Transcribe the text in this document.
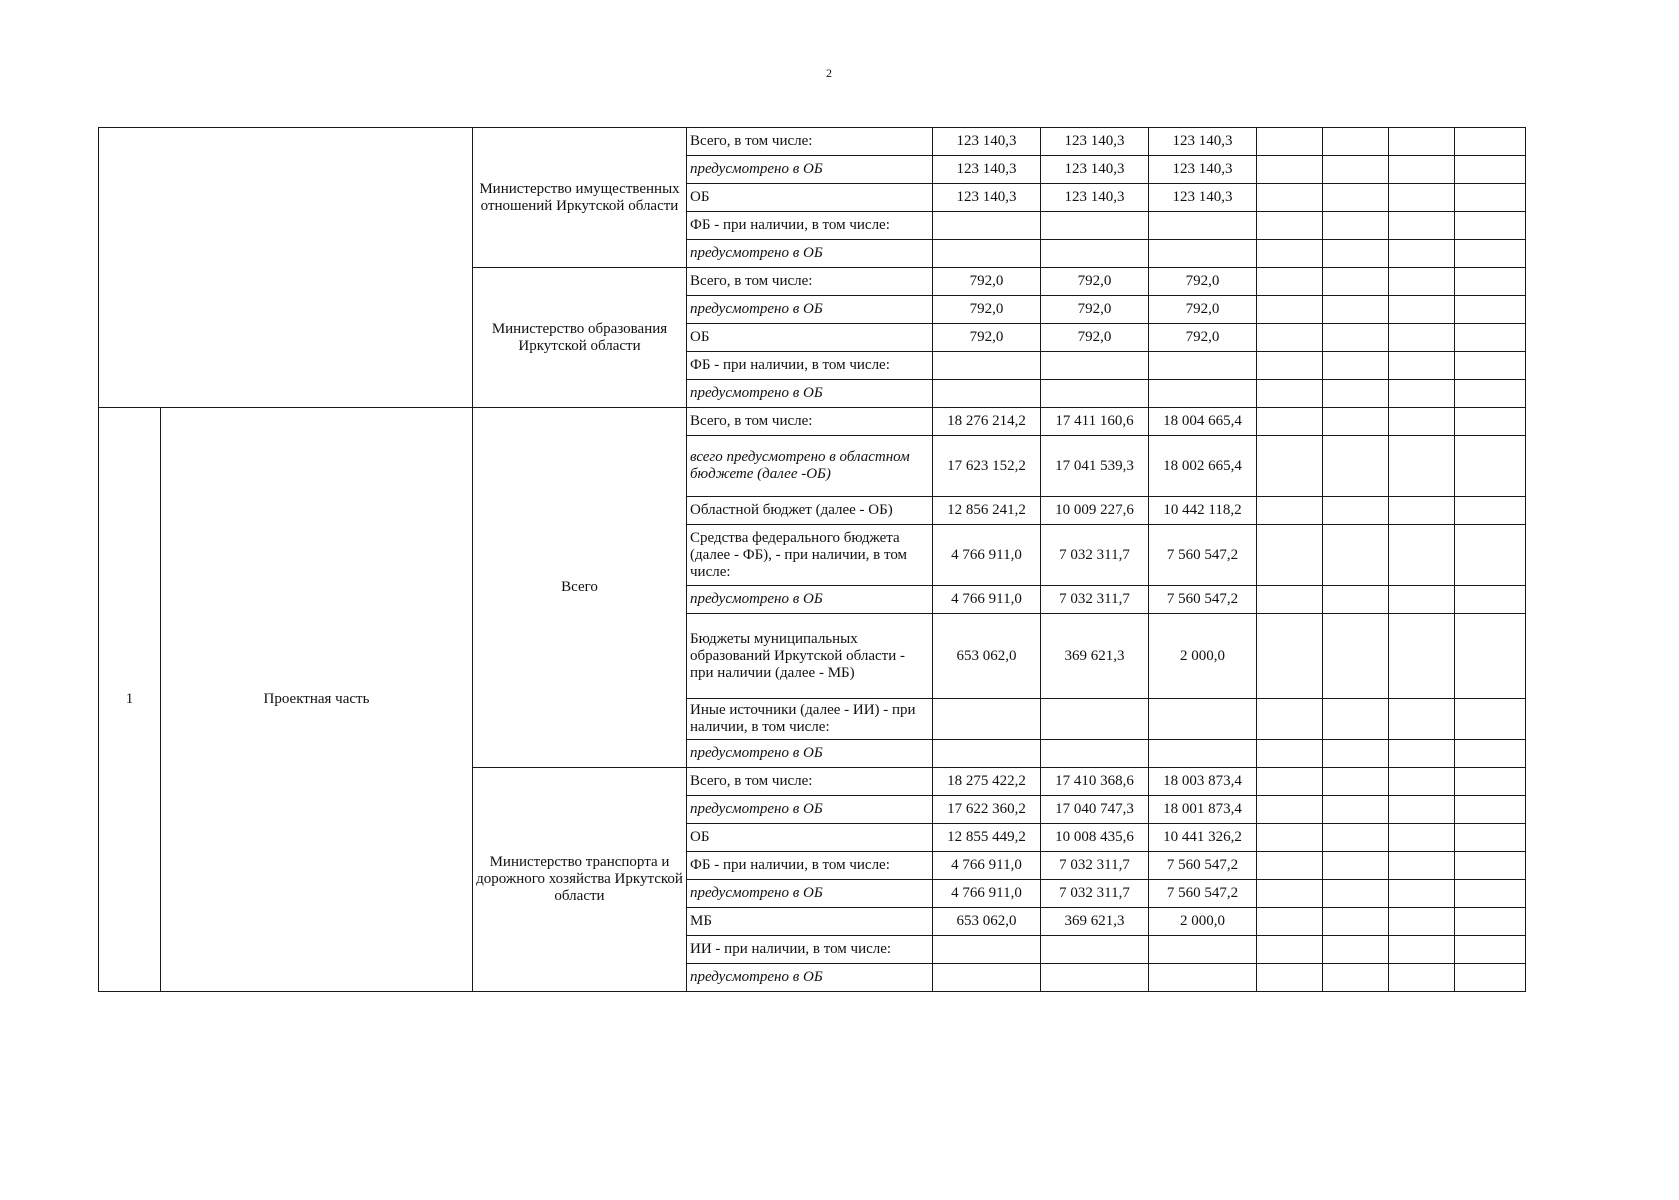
2
		Министерство имущественных отношений Иркутской области	Всего, в том числе:	123 140,3	123 140,3	123 140,3				
			предусмотрено в ОБ	123 140,3	123 140,3	123 140,3				
			ОБ	123 140,3	123 140,3	123 140,3				
			ФБ - при наличии, в том числе:							
			предусмотрено в ОБ							
		Министерство образования Иркутской области	Всего, в том числе:	792,0	792,0	792,0				
			предусмотрено в ОБ	792,0	792,0	792,0				
			ОБ	792,0	792,0	792,0				
			ФБ - при наличии, в том числе:							
			предусмотрено в ОБ							
1	Проектная часть	Всего	Всего, в том числе:	18 276 214,2	17 411 160,6	18 004 665,4				
			всего предусмотрено в областном бюджете (далее -ОБ)	17 623 152,2	17 041 539,3	18 002 665,4				
			Областной бюджет (далее - ОБ)	12 856 241,2	10 009 227,6	10 442 118,2				
			Средства федерального бюджета (далее - ФБ), - при наличии, в том числе:	4 766 911,0	7 032 311,7	7 560 547,2				
			предусмотрено в ОБ	4 766 911,0	7 032 311,7	7 560 547,2				
			Бюджеты муниципальных образований Иркутской области - при наличии (далее - МБ)	653 062,0	369 621,3	2 000,0				
			Иные источники (далее - ИИ) - при наличии, в том числе:							
			предусмотрено в ОБ							
		Министерство транспорта и дорожного хозяйства Иркутской области	Всего, в том числе:	18 275 422,2	17 410 368,6	18 003 873,4				
			предусмотрено в ОБ	17 622 360,2	17 040 747,3	18 001 873,4				
			ОБ	12 855 449,2	10 008 435,6	10 441 326,2				
			ФБ - при наличии, в том числе:	4 766 911,0	7 032 311,7	7 560 547,2				
			предусмотрено в ОБ	4 766 911,0	7 032 311,7	7 560 547,2				
			МБ	653 062,0	369 621,3	2 000,0				
			ИИ - при наличии, в том числе:							
			предусмотрено в ОБ							
